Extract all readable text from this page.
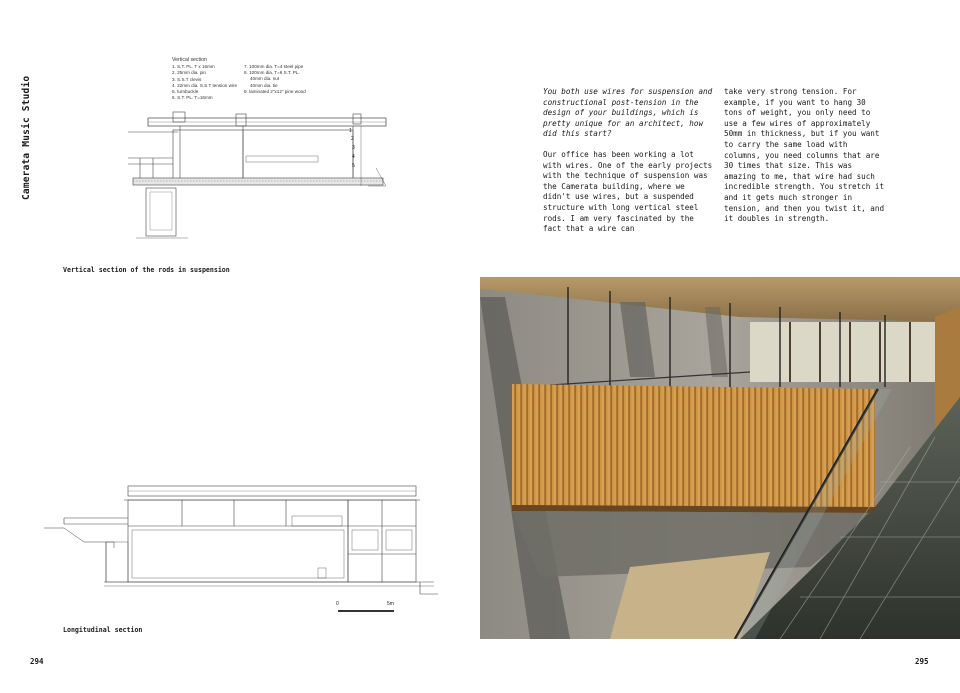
Camerata Music Studio	1
2
3
4
5
Vertical section
1. S.T. PL. T x 16mm
2. 25mm dia. pin
3. S.S.T clevis
4. 22mm dia. S.S.T tension wire
5. turnbuckle
6. S.T. PL. T=16mm
7. 100mm dia. T=4 steel pipe
8. 100mm dia. T=6 S.T. PL.
40mm dia. nut
40mm dia. tie
9. laminated 2"x12" pine wood
Vertical section of the rods in suspension
0	5m
Longitudinal section

You both use wires for suspension and constructional post-tension in the design of your buildings, which is pretty unique for an architect, how did this start?

Our office has been working a lot with wires. One of the early projects with the technique of suspension was the Camerata building, where we didn't use wires, but a suspended structure with long vertical steel rods. I am very fascinated by the fact that a wire can

take very strong tension. For example, if you want to hang 30 tons of weight, you only need to use a few wires of approximately 50mm in thickness, but if you want to carry the same load with columns, you need columns that are 30 times that size. This was amazing to me, that wire had such incredible strength. You stretch it and it gets much stronger in tension, and then you twist it, and it doubles in strength.

294	295
